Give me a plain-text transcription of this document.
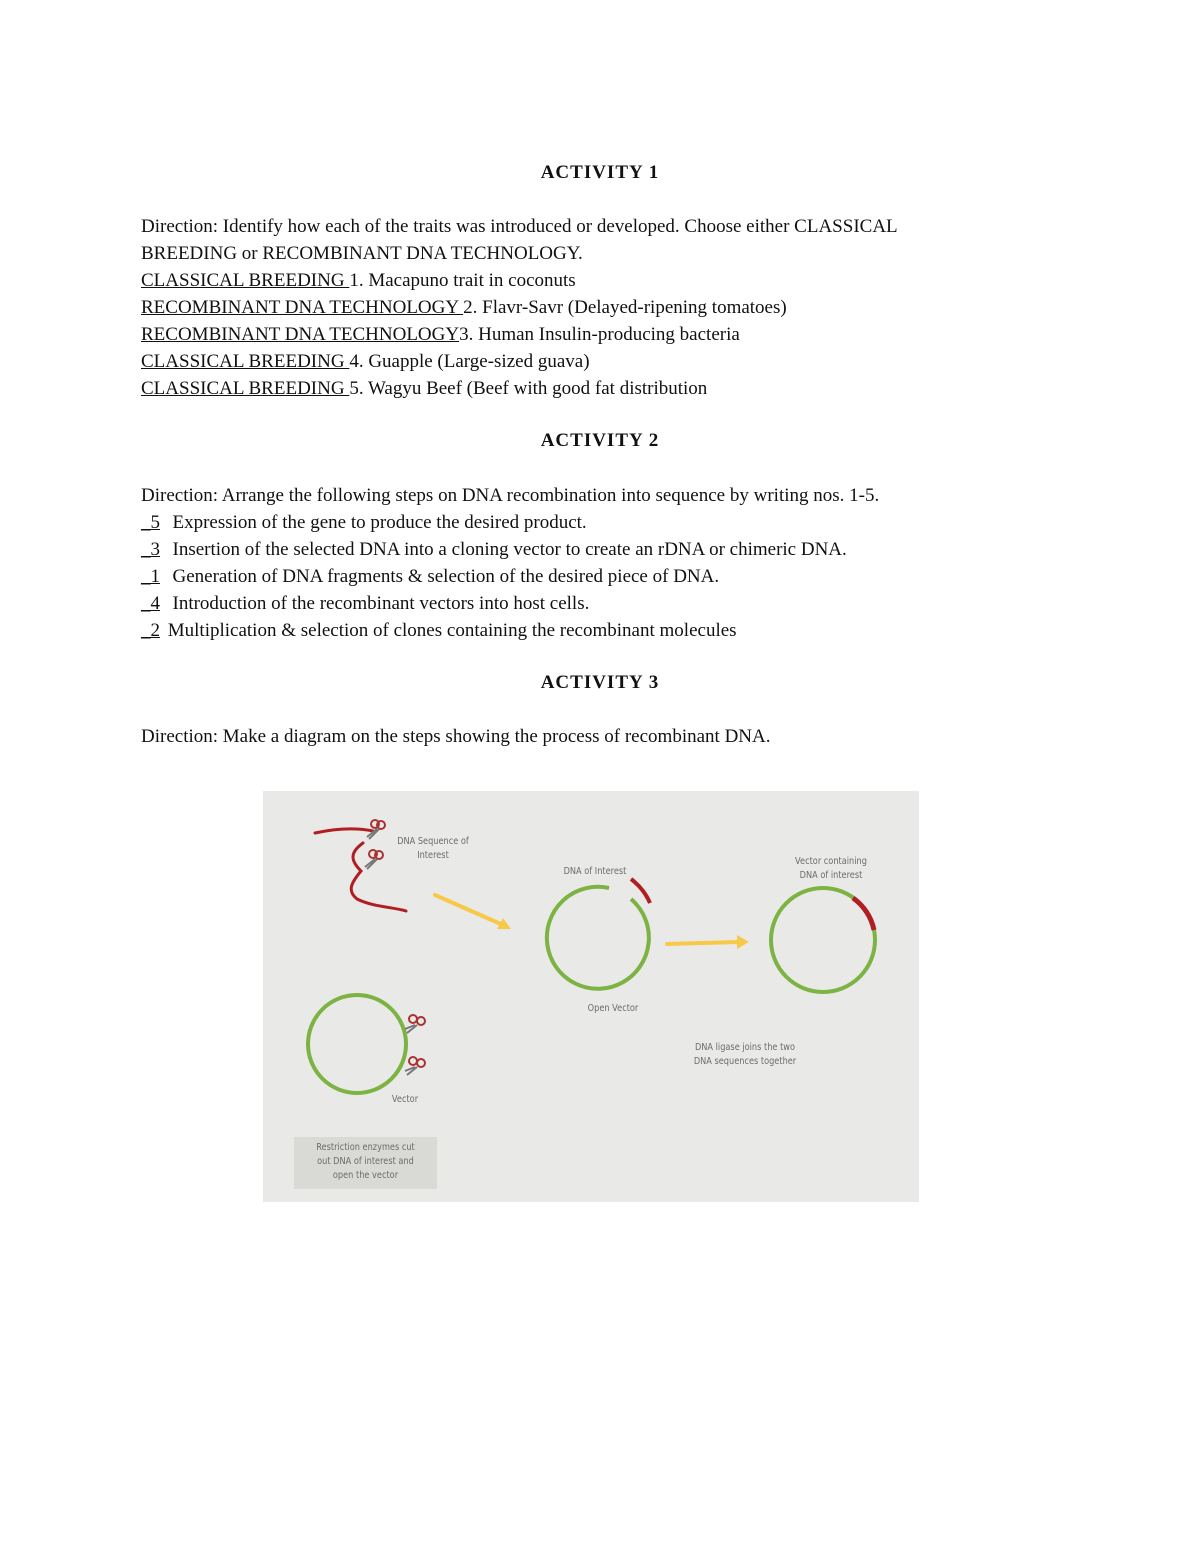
ACTIVITY 1
Direction: Identify how each of the traits was introduced or developed. Choose either CLASSICAL
BREEDING or RECOMBINANT DNA TECHNOLOGY.
CLASSICAL BREEDING 1. Macapuno trait in coconuts
RECOMBINANT DNA TECHNOLOGY 2. Flavr-Savr (Delayed-ripening tomatoes)
RECOMBINANT DNA TECHNOLOGY3. Human Insulin-producing bacteria
CLASSICAL BREEDING 4. Guapple (Large-sized guava)
CLASSICAL BREEDING 5. Wagyu Beef (Beef with good fat distribution
ACTIVITY 2
Direction: Arrange the following steps on DNA recombination into sequence by writing nos. 1-5.
_5 Expression of the gene to produce the desired product.
_3 Insertion of the selected DNA into a cloning vector to create an rDNA or chimeric DNA.
_1 Generation of DNA fragments & selection of the desired piece of DNA.
_4 Introduction of the recombinant vectors into host cells.
_2 Multiplication & selection of clones containing the recombinant molecules
ACTIVITY 3
Direction: Make a diagram on the steps showing the process of recombinant DNA.
DNA Sequence of
Interest
DNA of Interest
Vector containing
DNA of interest
Open Vector
DNA ligase joins the two
DNA sequences together
Vector
Restriction enzymes cut
out DNA of interest and
open the vector
